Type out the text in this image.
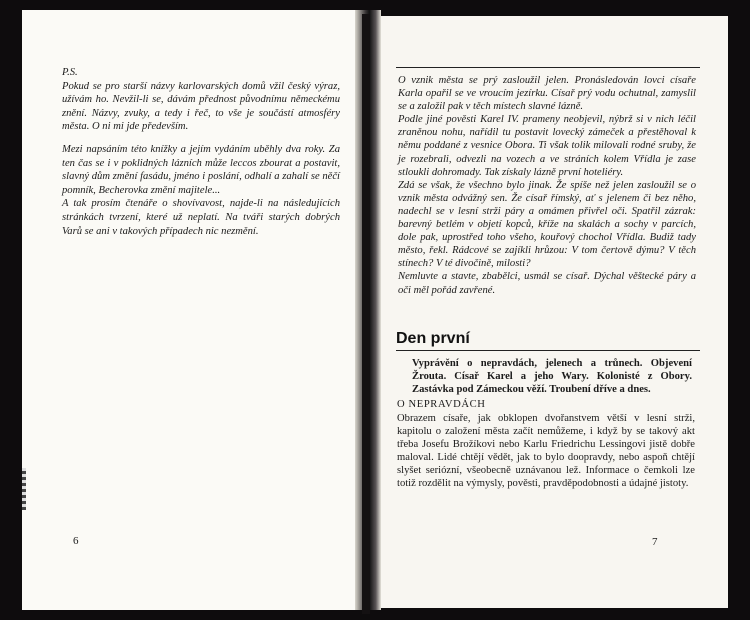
P.S.
Pokud se pro starší názvy karlovarských domů vžil český výraz, užívám ho. Nevžil-li se, dávám přednost původnímu německému znění. Názvy, zvuky, a tedy i řeč, to vše je součástí atmosféry města. O ni mi jde především.

Mezi napsáním této knížky a jejím vydáním uběhly dva roky. Za ten čas se i v poklidných lázních může leccos zbourat a postavit, slavný dům změní fasádu, jméno i poslání, odhalí a zahalí se něčí pomník, Becherovka změní majitele...

A tak prosím čtenáře o shovívavost, najde-li na následujících stránkách tvrzení, které už neplatí. Na tváři starých dobrých Varů se ani v takových případech nic nezmění.

6

O vznik města se prý zasloužil jelen. Pronásledován lovci císaře Karla opařil se ve vroucím jezírku. Císař prý vodu ochutnal, zamyslil se a založil pak v těch místech slavné lázně.

Podle jiné pověsti Karel IV. prameny neobjevil, nýbrž si v nich léčil zraněnou nohu, nařídil tu postavit lovecký zámeček a přestěhoval k němu poddané z vesnice Obora. Ti však tolik milovali rodné sruby, že je rozebrali, odvezli na vozech a ve stráních kolem Vřídla je zase stloukli dohromady. Tak získaly lázně první hoteliéry.

Zdá se však, že všechno bylo jinak. Že spíše než jelen zasloužil se o vznik města odvážný sen. Že císař římský, ať s jelenem či bez něho, nadechl se v lesní strži páry a omámen přivřel oči. Spatřil zázrak: barevný betlém v objetí kopců, kříže na skalách a sochy v parcích, dole pak, uprostřed toho všeho, kouřový chochol Vřídla. Budiž tady město, řekl. Rádcové se zajíkli hrůzou: V tom čertově dýmu? V těch stínech? V té divočině, milosti?

Nemluvte a stavte, zbabělci, usmál se císař. Dýchal věštecké páry a oči měl pořád zavřené.

Den první
Vyprávění o nepravdách, jelenech a trůnech. Objevení Žrouta. Císař Karel a jeho Wary. Kolonisté z Obory. Zastávka pod Zámeckou věží. Troubení dříve a dnes.
O NEPRAVDÁCH
Obrazem císaře, jak obklopen dvořanstvem větší v lesní strži, kapitolu o založení města začít nemůžeme, i když by se takový akt třeba Josefu Brožíkovi nebo Karlu Friedrichu Lessingovi jistě dobře maloval. Lidé chtějí vědět, jak to bylo doopravdy, nebo aspoň chtějí slyšet seriózní, všeobecně uznávanou lež. Informace o čemkoli lze totiž rozdělit na výmysly, pověsti, pravděpodobnosti a údajné jistoty.
7
